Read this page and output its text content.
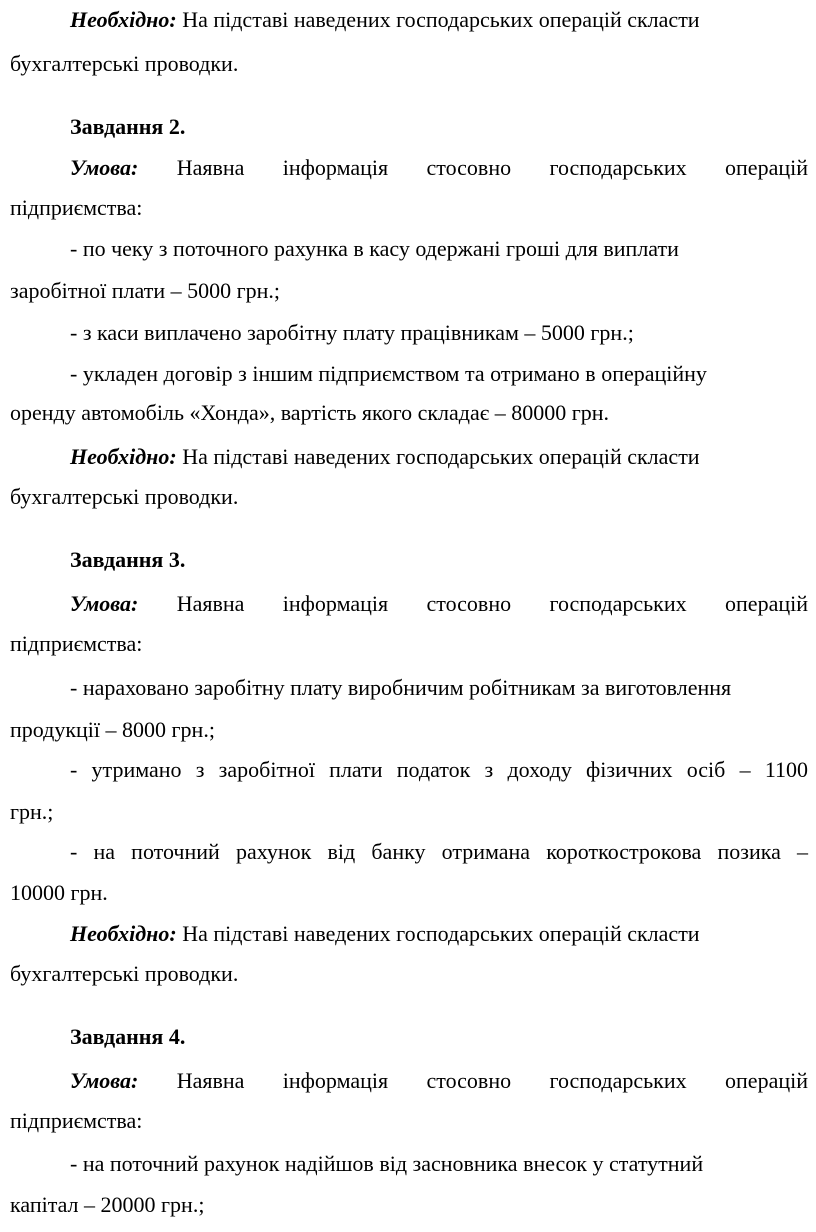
Необхідно: На підставі наведених господарських операцій скласти
бухгалтерські проводки.
Завдання 2.
Умова: Наявна інформація стосовно господарських операцій
підприємства:
- по чеку з поточного рахунка в касу одержані гроші для виплати
заробітної плати – 5000 грн.;
- з каси виплачено заробітну плату працівникам – 5000 грн.;
- укладен договір з іншим підприємством та отримано в операційну
оренду автомобіль «Хонда», вартість якого складає – 80000 грн.
Необхідно: На підставі наведених господарських операцій скласти
бухгалтерські проводки.
Завдання 3.
Умова: Наявна інформація стосовно господарських операцій
підприємства:
- нараховано заробітну плату виробничим робітникам за виготовлення
продукції – 8000 грн.;
- утримано з заробітної плати податок з доходу фізичних осіб – 1100
грн.;
- на поточний рахунок від банку отримана короткострокова позика –
10000 грн.
Необхідно: На підставі наведених господарських операцій скласти
бухгалтерські проводки.
Завдання 4.
Умова: Наявна інформація стосовно господарських операцій
підприємства:
- на поточний рахунок надійшов від засновника внесок у статутний
капітал – 20000 грн.;
